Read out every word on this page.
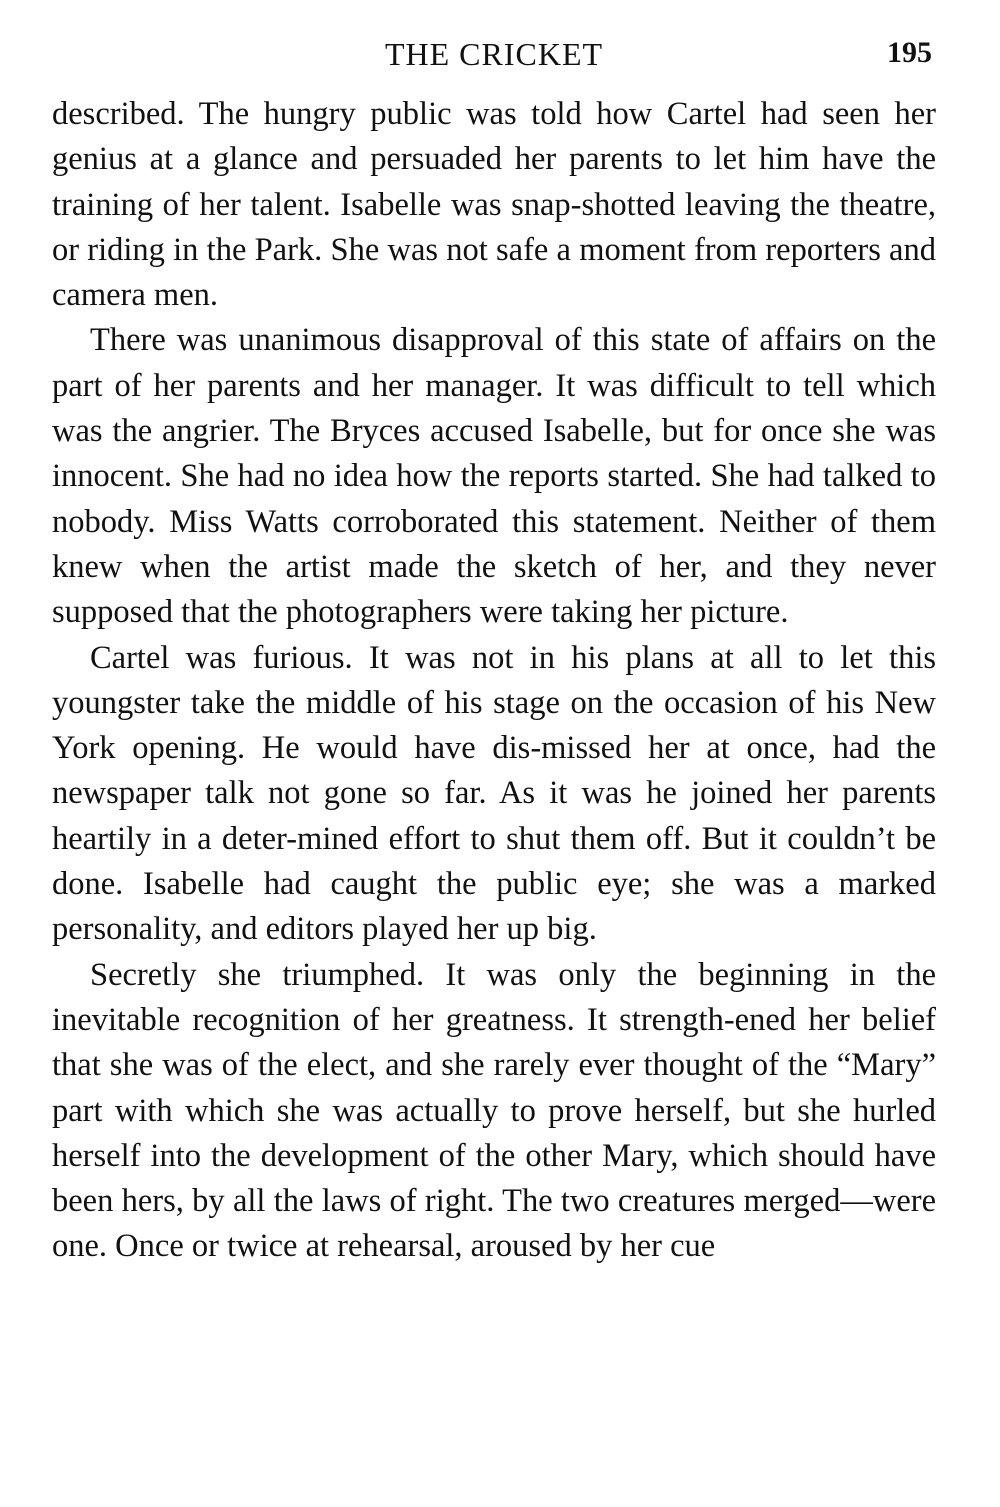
THE CRICKET	195

described. The hungry public was told how Cartel had seen her genius at a glance and persuaded her parents to let him have the training of her talent. Isabelle was snap-shotted leaving the theatre, or riding in the Park. She was not safe a moment from reporters and camera men.

There was unanimous disapproval of this state of affairs on the part of her parents and her manager. It was difficult to tell which was the angrier. The Bryces accused Isabelle, but for once she was innocent. She had no idea how the reports started. She had talked to nobody. Miss Watts corroborated this statement. Neither of them knew when the artist made the sketch of her, and they never supposed that the photographers were taking her picture.

Cartel was furious. It was not in his plans at all to let this youngster take the middle of his stage on the occasion of his New York opening. He would have dis-missed her at once, had the newspaper talk not gone so far. As it was he joined her parents heartily in a deter-mined effort to shut them off. But it couldn’t be done. Isabelle had caught the public eye; she was a marked personality, and editors played her up big.

Secretly she triumphed. It was only the beginning in the inevitable recognition of her greatness. It strength-ened her belief that she was of the elect, and she rarely ever thought of the “Mary” part with which she was actually to prove herself, but she hurled herself into the development of the other Mary, which should have been hers, by all the laws of right. The two creatures merged—were one. Once or twice at rehearsal, aroused by her cue
